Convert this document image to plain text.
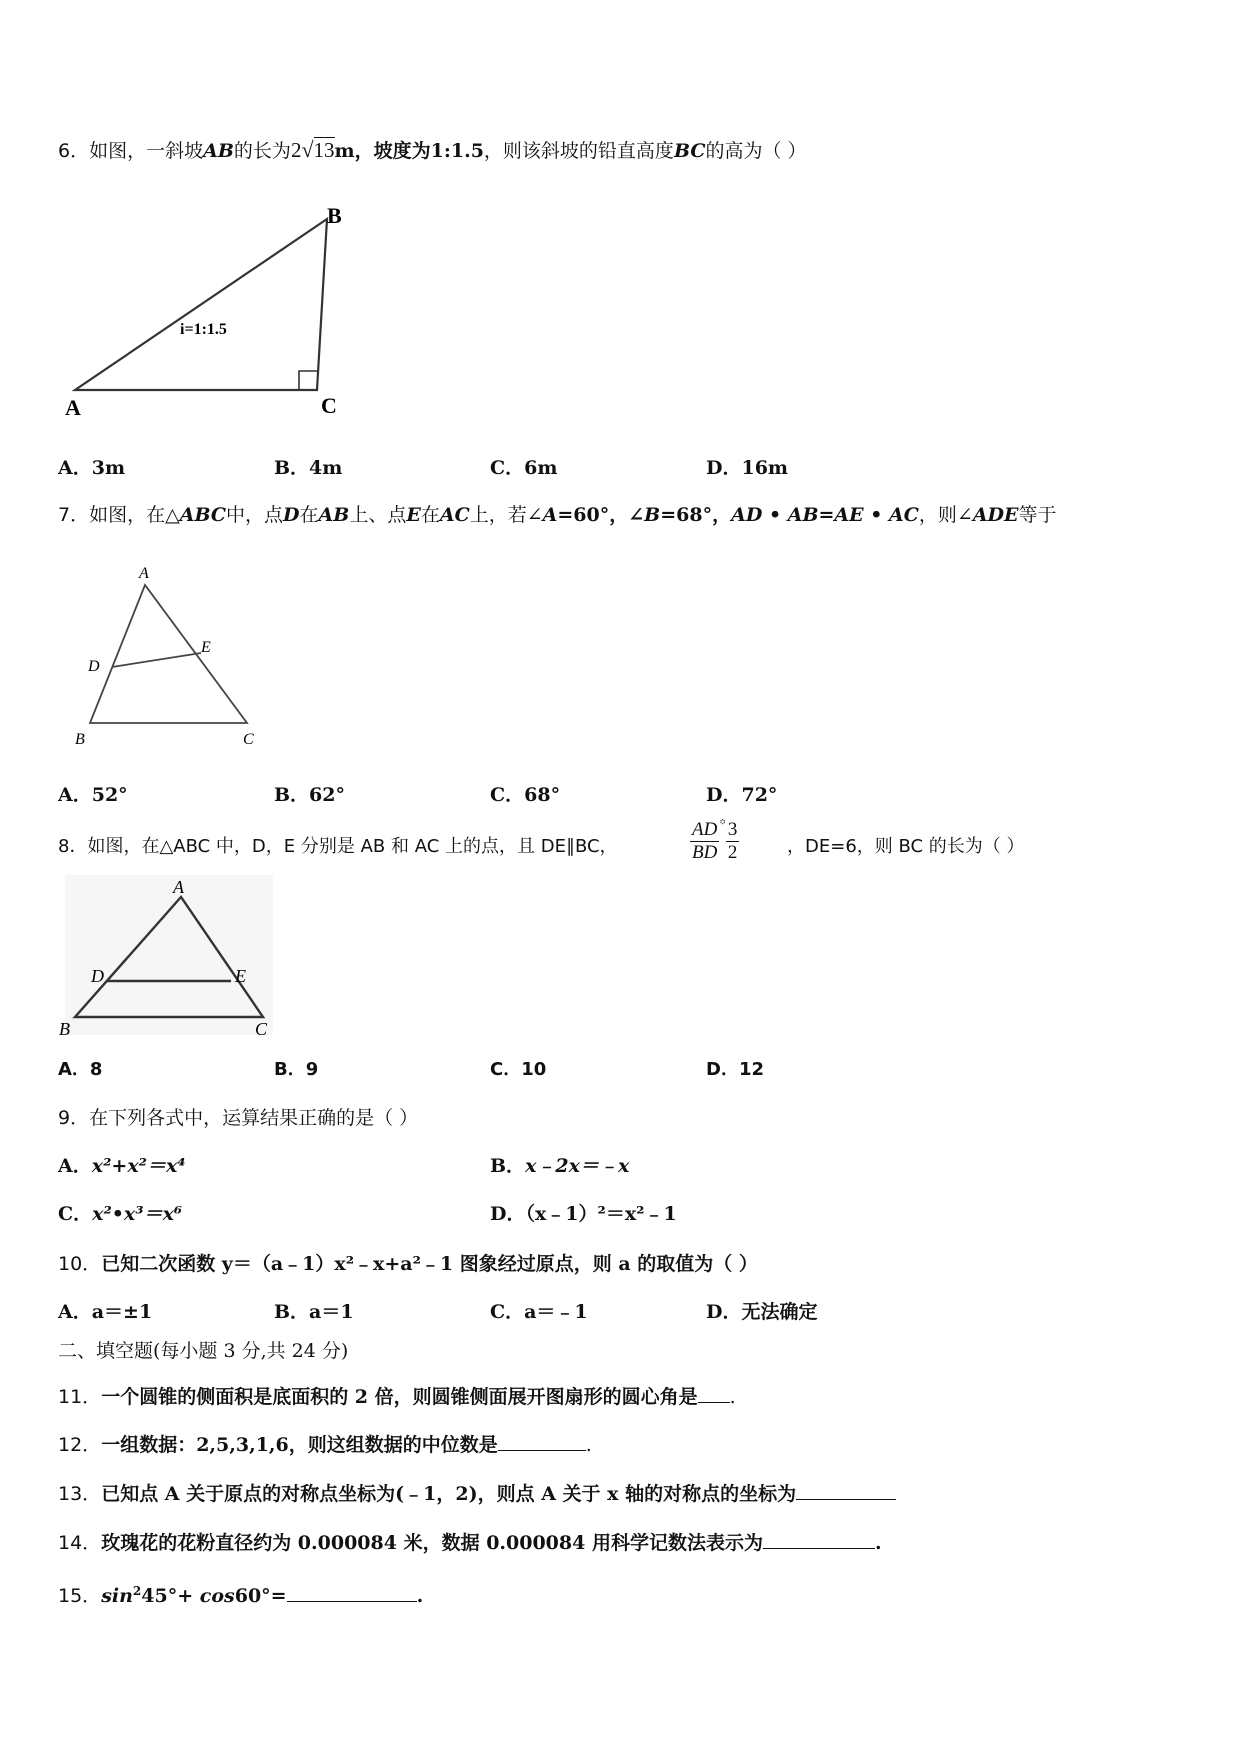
6．如图，一斜坡AB的长为2√13m，坡度为1:1.5，则该斜坡的铅直高度BC的高为（ ）
B
A	C
i=1:1.5
A．3m	B．4m	C．6m	D．16m
7．如图，在△ABC中，点D在AB上、点E在AC上，若∠A=60°，∠B=68°，AD • AB=AE • AC，则∠ADE等于
A
D
E
B	C
A．52°	B．62°	C．68°	D．72°
8．如图，在△ABC 中，D，E 分别是 AB 和 AC 上的点，且 DE∥BC，	$\frac{AD}{BD} ^꙳ \frac{3}{2}$	，DE=6，则 BC 的长为（ ）
A
D	E
B	C
A．8	B．9	C．10	D．12
9．在下列各式中，运算结果正确的是（ ）
A．x²+x²＝x⁴	B．x﹣2x＝﹣x
C．x²•x³＝x⁶	D．（x﹣1）²＝x²﹣1
10．已知二次函数 y＝（a﹣1）x²﹣x+a²﹣1 图象经过原点，则 a 的取值为（ ）
A．a＝±1	B．a＝1	C．a＝﹣1	D．无法确定
二、填空题(每小题 3 分,共 24 分)
11．一个圆锥的侧面积是底面积的 2 倍，则圆锥侧面展开图扇形的圆心角是 .
12．一组数据：2,5,3,1,6，则这组数据的中位数是	.
13．已知点 A 关于原点的对称点坐标为(﹣1，2)，则点 A 关于 x 轴的对称点的坐标为
14．玫瑰花的花粉直径约为 0.000084 米，数据 0.000084 用科学记数法表示为	.
15．$\sin^245^\circ+ \cos 60^\circ=$	.
